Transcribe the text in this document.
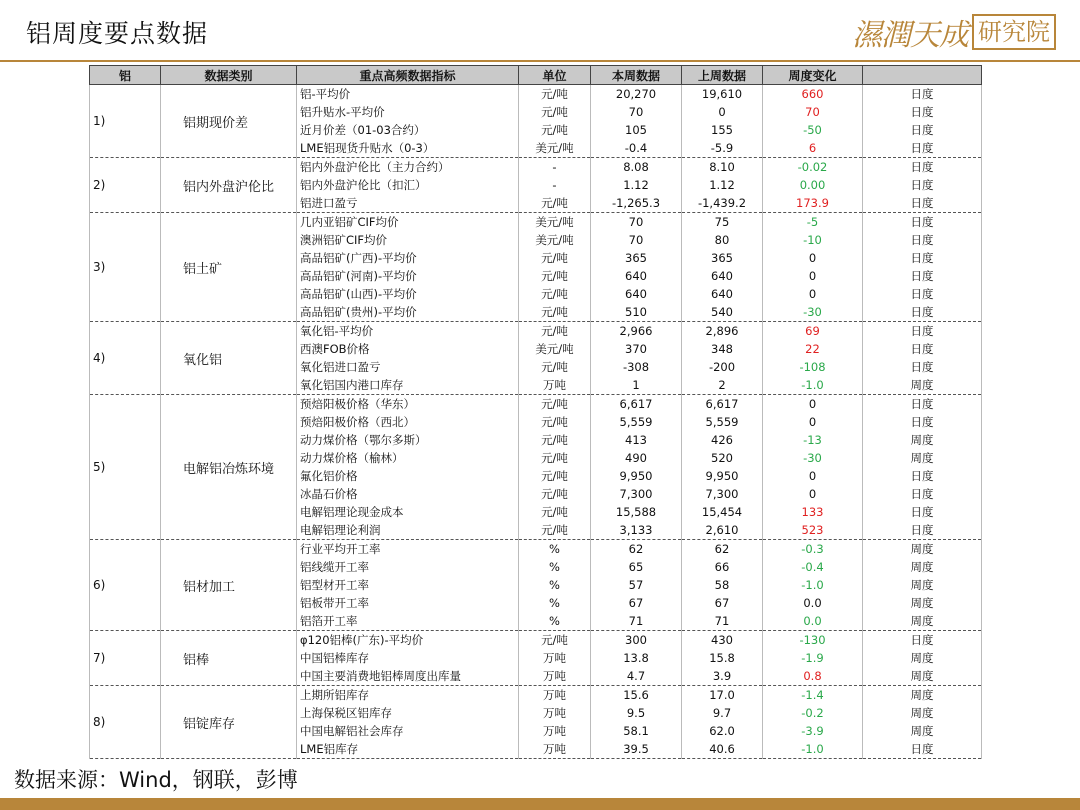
铝周度要点数据	濕潤天成 研究院
铝	数据类别	重点高频数据指标	单位	本周数据	上周数据	周度变化	
1)	铝期现价差	铝-平均价	元/吨	20,270	19,610	660	日度
		铝升贴水-平均价	元/吨	70	0	70	日度
		近月价差（01-03合约）	元/吨	105	155	-50	日度
		LME铝现货升贴水（0-3）	美元/吨	-0.4	-5.9	6	日度
2)	铝内外盘沪伦比	铝内外盘沪伦比（主力合约）	-	8.08	8.10	-0.02	日度
		铝内外盘沪伦比（扣汇）	-	1.12	1.12	0.00	日度
		铝进口盈亏	元/吨	-1,265.3	-1,439.2	173.9	日度
3)	铝土矿	几内亚铝矿CIF均价	美元/吨	70	75	-5	日度
		澳洲铝矿CIF均价	美元/吨	70	80	-10	日度
		高品铝矿(广西)-平均价	元/吨	365	365	0	日度
		高品铝矿(河南)-平均价	元/吨	640	640	0	日度
		高品铝矿(山西)-平均价	元/吨	640	640	0	日度
		高品铝矿(贵州)-平均价	元/吨	510	540	-30	日度
4)	氧化铝	氧化铝-平均价	元/吨	2,966	2,896	69	日度
		西澳FOB价格	美元/吨	370	348	22	日度
		氧化铝进口盈亏	元/吨	-308	-200	-108	日度
		氧化铝国内港口库存	万吨	1	2	-1.0	周度
5)	电解铝冶炼环境	预焙阳极价格（华东）	元/吨	6,617	6,617	0	日度
		预焙阳极价格（西北）	元/吨	5,559	5,559	0	日度
		动力煤价格（鄂尔多斯）	元/吨	413	426	-13	周度
		动力煤价格（榆林）	元/吨	490	520	-30	周度
		氟化铝价格	元/吨	9,950	9,950	0	日度
		冰晶石价格	元/吨	7,300	7,300	0	日度
		电解铝理论现金成本	元/吨	15,588	15,454	133	日度
		电解铝理论利润	元/吨	3,133	2,610	523	日度
6)	铝材加工	行业平均开工率	%	62	62	-0.3	周度
		铝线缆开工率	%	65	66	-0.4	周度
		铝型材开工率	%	57	58	-1.0	周度
		铝板带开工率	%	67	67	0.0	周度
		铝箔开工率	%	71	71	0.0	周度
7)	铝棒	φ120铝棒(广东)-平均价	元/吨	300	430	-130	日度
		中国铝棒库存	万吨	13.8	15.8	-1.9	周度
		中国主要消费地铝棒周度出库量	万吨	4.7	3.9	0.8	周度
8)	铝锭库存	上期所铝库存	万吨	15.6	17.0	-1.4	周度
		上海保税区铝库存	万吨	9.5	9.7	-0.2	周度
		中国电解铝社会库存	万吨	58.1	62.0	-3.9	周度
		LME铝库存	万吨	39.5	40.6	-1.0	日度
数据来源：Wind，钢联，彭博
